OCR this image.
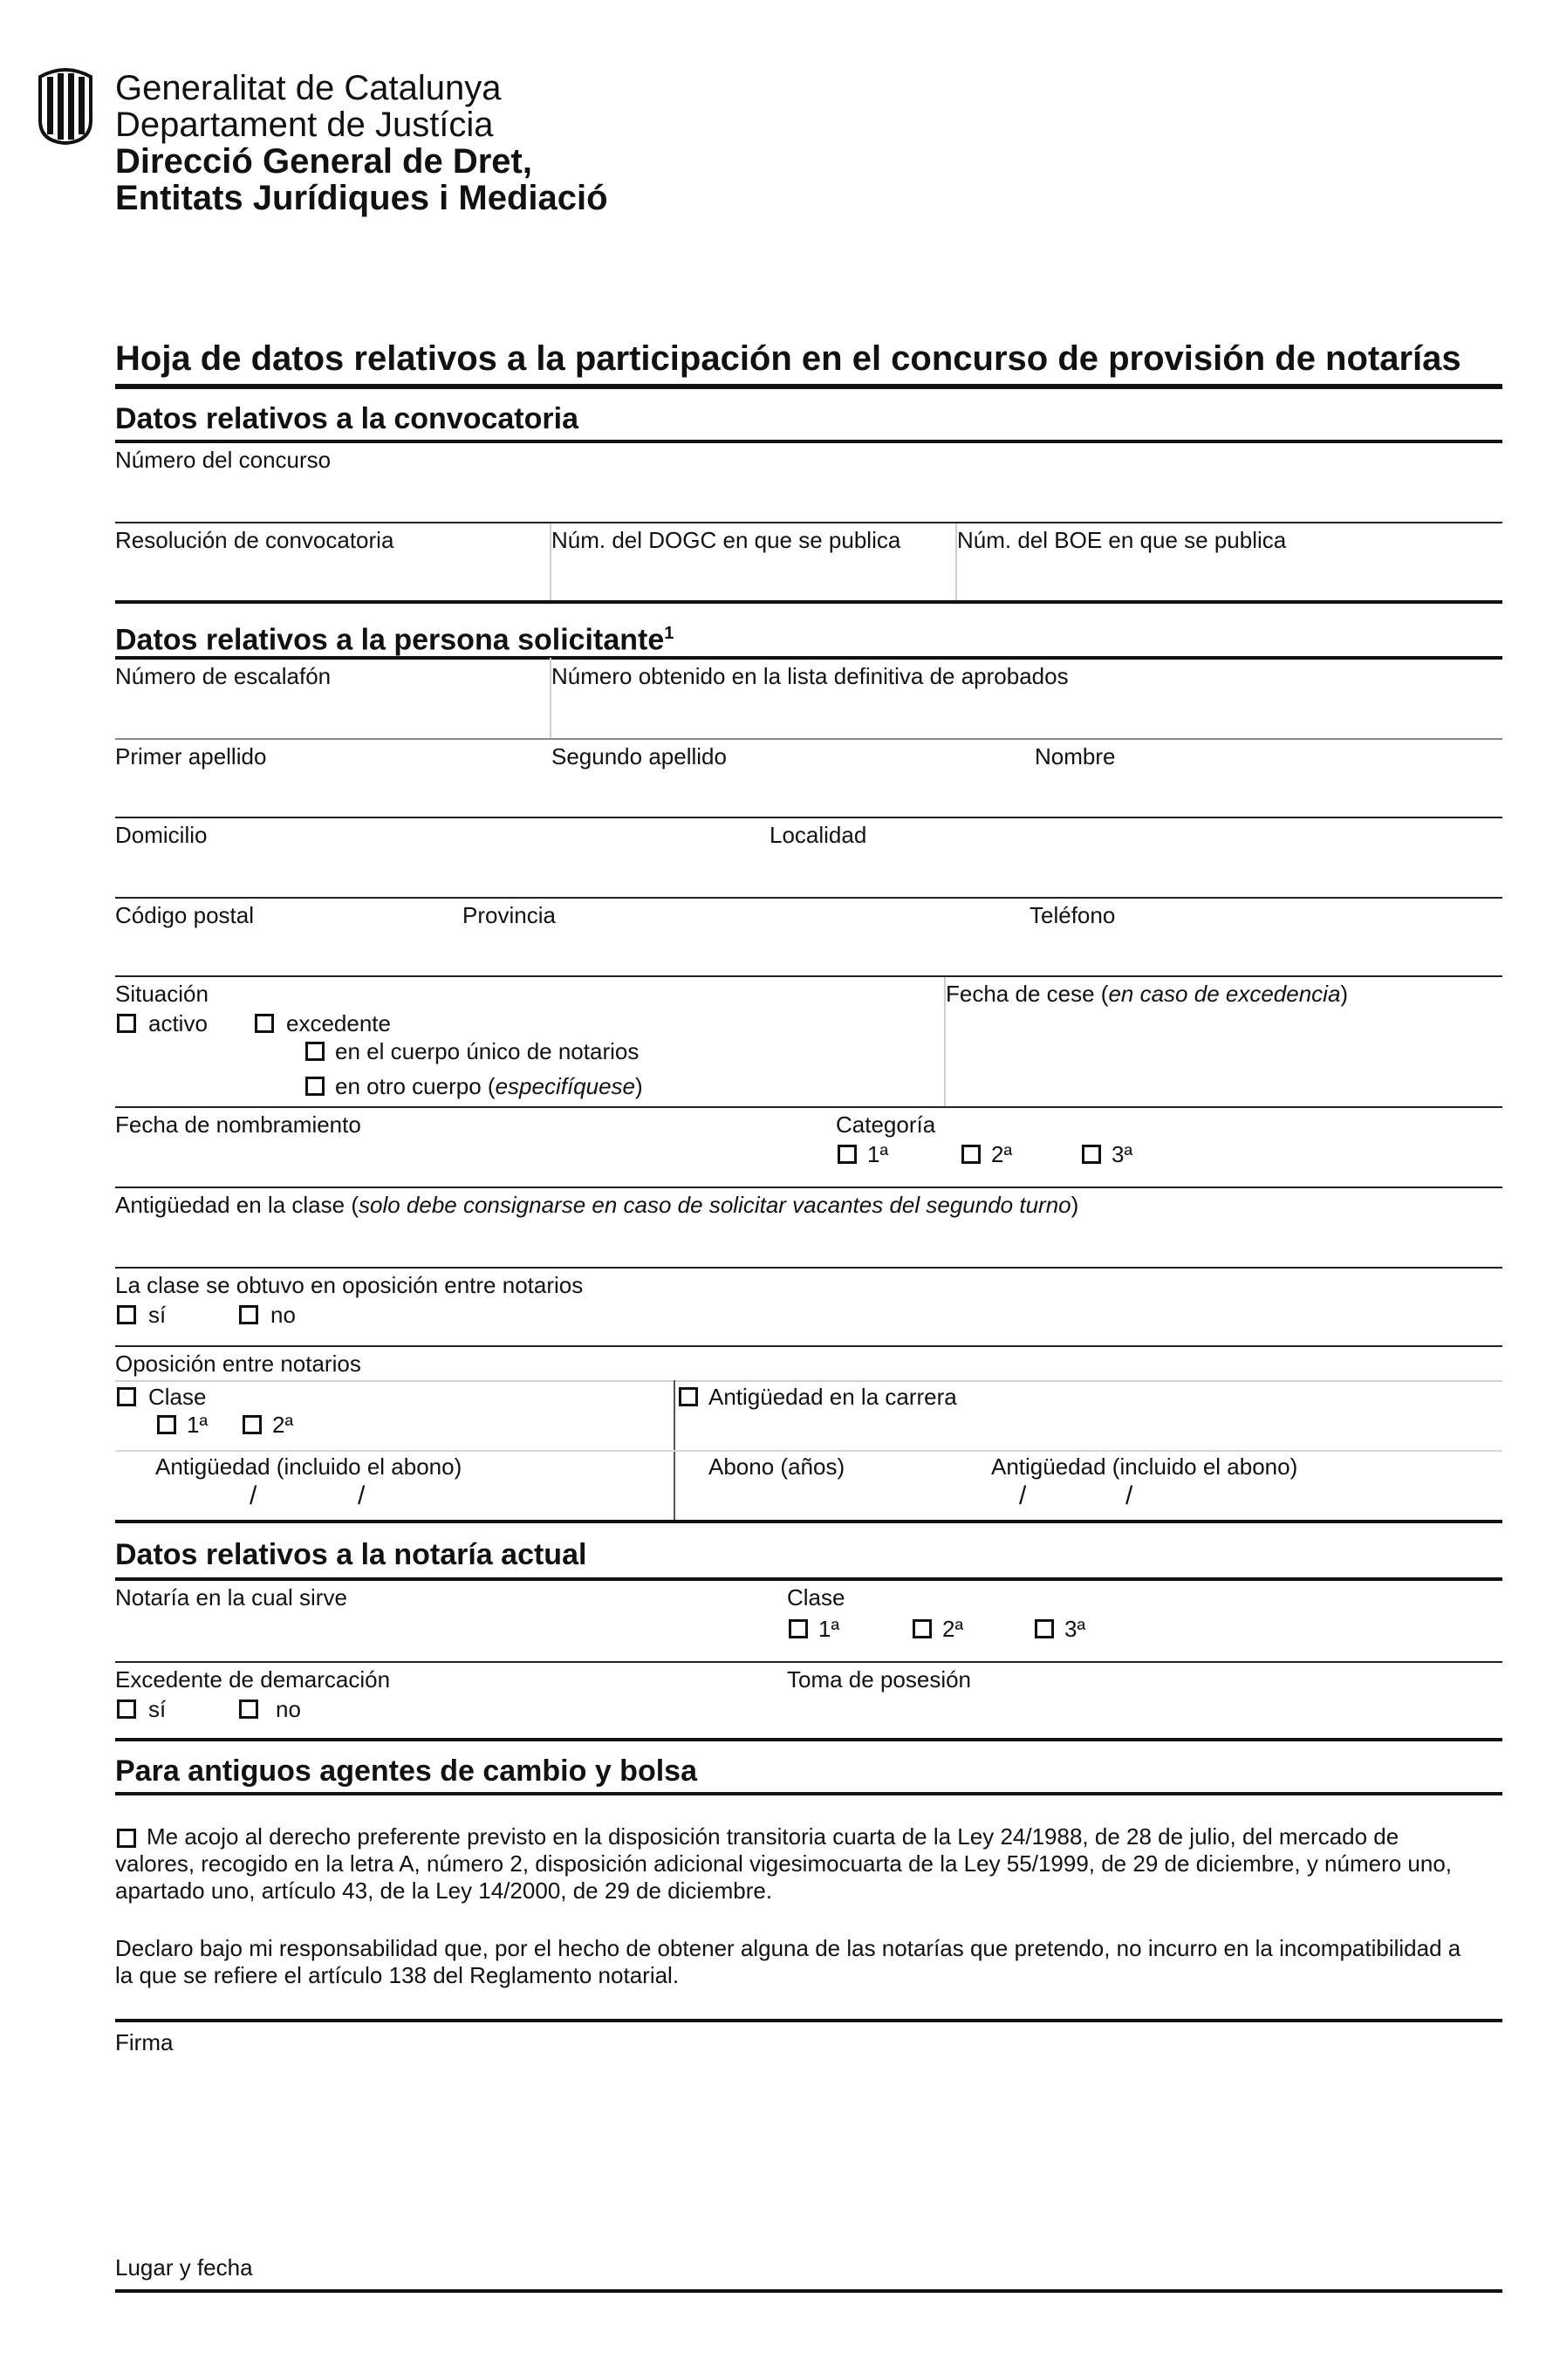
Generalitat de Catalunya
Departament de Justícia
Direcció General de Dret,
Entitats Jurídiques i Mediació
Hoja de datos relativos a la participación en el concurso de provisión de notarías
Datos relativos a la convocatoria
Número del concurso
Resolución de convocatoria	Núm. del DOGC en que se publica Núm. del BOE en que se publica
Datos relativos a la persona solicitante$^1$
Número de escalafón	Número obtenido en la lista definitiva de aprobados
Primer apellido	Segundo apellido	Nombre
Domicilio	Localidad
Código postal	Provincia	Teléfono
Situación
activo	excedente
en el cuerpo único de notarios
en otro cuerpo (especifíquese)
Fecha de cese (en caso de excedencia)
Fecha de nombramiento	Categoría
1ª	2ª	3ª
Antigüedad en la clase (solo debe consignarse en caso de solicitar vacantes del segundo turno)
La clase se obtuvo en oposición entre notarios
sí	no
Oposición entre notarios
Clase
1ª	2ª
Antigüedad en la carrera
Antigüedad (incluido el abono)
/	/
Abono (años)	Antigüedad (incluido el abono)
/	/
Datos relativos a la notaría actual
Notaría en la cual sirve	Clase
1ª	2ª	3ª
Excedente de demarcación
sí	no
Toma de posesión
Para antiguos agentes de cambio y bolsa
Me acojo al derecho preferente previsto en la disposición transitoria cuarta de la Ley 24/1988, de 28 de julio, del mercado de valores, recogido en la letra A, número 2, disposición adicional vigesimocuarta de la Ley 55/1999, de 29 de diciembre, y número uno, apartado uno, artículo 43, de la Ley 14/2000, de 29 de diciembre.
Declaro bajo mi responsabilidad que, por el hecho de obtener alguna de las notarías que pretendo, no incurro en la incompatibilidad a la que se refiere el artículo 138 del Reglamento notarial.
Firma
Lugar y fecha
